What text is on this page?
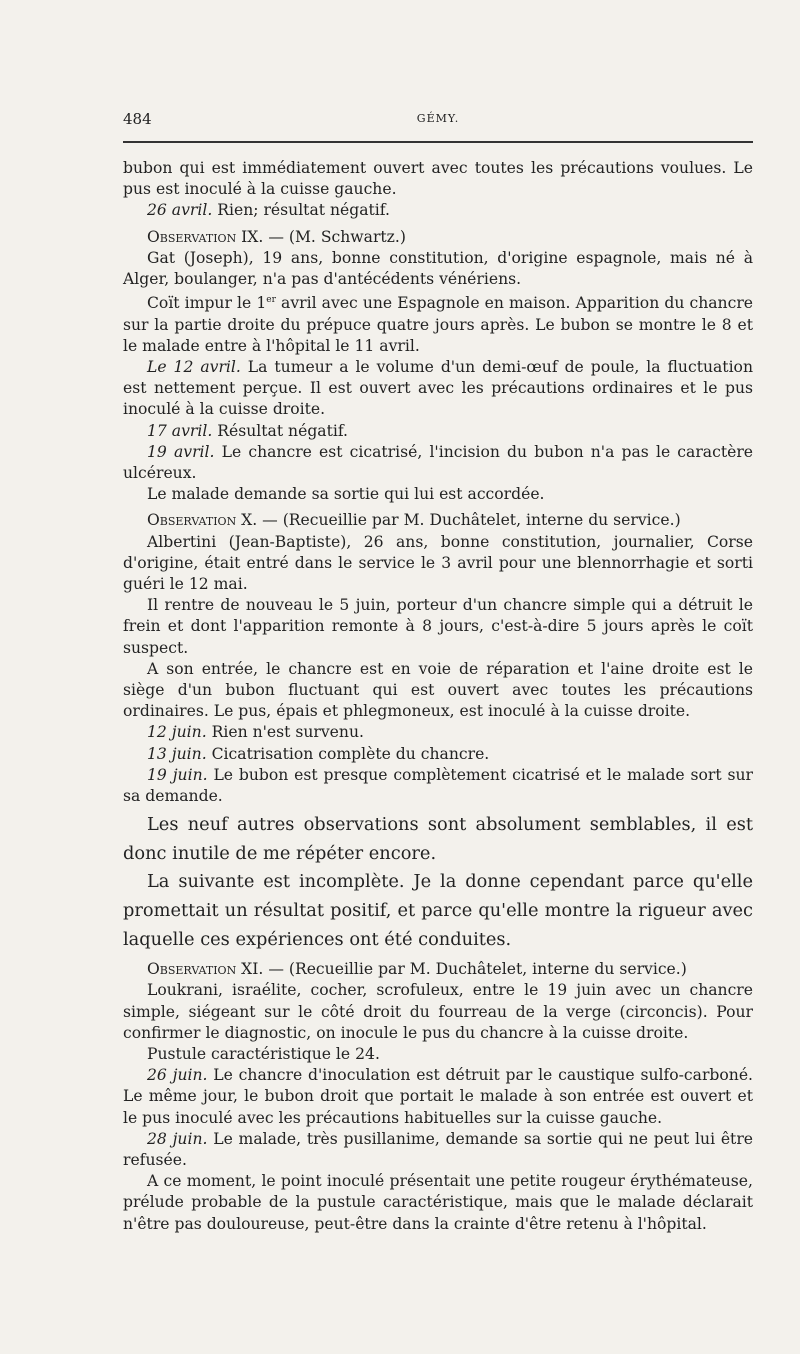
484	GÉMY.

bubon qui est immédiatement ouvert avec toutes les précautions voulues. Le pus est inoculé à la cuisse gauche.

26 avril. Rien; résultat négatif.

Observation IX. — (M. Schwartz.)

Gat (Joseph), 19 ans, bonne constitution, d'origine espagnole, mais né à Alger, boulanger, n'a pas d'antécédents vénériens.

Coït impur le 1er avril avec une Espagnole en maison. Apparition du chancre sur la partie droite du prépuce quatre jours après. Le bubon se montre le 8 et le malade entre à l'hôpital le 11 avril.

Le 12 avril. La tumeur a le volume d'un demi-œuf de poule, la fluctuation est nettement perçue. Il est ouvert avec les précautions ordinaires et le pus inoculé à la cuisse droite.

17 avril. Résultat négatif.

19 avril. Le chancre est cicatrisé, l'incision du bubon n'a pas le caractère ulcéreux.

Le malade demande sa sortie qui lui est accordée.

Observation X. — (Recueillie par M. Duchâtelet, interne du service.)

Albertini (Jean-Baptiste), 26 ans, bonne constitution, journalier, Corse d'origine, était entré dans le service le 3 avril pour une blennorrhagie et sorti guéri le 12 mai.

Il rentre de nouveau le 5 juin, porteur d'un chancre simple qui a détruit le frein et dont l'apparition remonte à 8 jours, c'est-à-dire 5 jours après le coït suspect.

A son entrée, le chancre est en voie de réparation et l'aine droite est le siège d'un bubon fluctuant qui est ouvert avec toutes les précautions ordinaires. Le pus, épais et phlegmoneux, est inoculé à la cuisse droite.

12 juin. Rien n'est survenu.

13 juin. Cicatrisation complète du chancre.

19 juin. Le bubon est presque complètement cicatrisé et le malade sort sur sa demande.

Les neuf autres observations sont absolument semblables, il est donc inutile de me répéter encore.

La suivante est incomplète. Je la donne cependant parce qu'elle promettait un résultat positif, et parce qu'elle montre la rigueur avec laquelle ces expériences ont été conduites.

Observation XI. — (Recueillie par M. Duchâtelet, interne du service.)

Loukrani, israélite, cocher, scrofuleux, entre le 19 juin avec un chancre simple, siégeant sur le côté droit du fourreau de la verge (circoncis). Pour confirmer le diagnostic, on inocule le pus du chancre à la cuisse droite.

Pustule caractéristique le 24.

26 juin. Le chancre d'inoculation est détruit par le caustique sulfo-carboné. Le même jour, le bubon droit que portait le malade à son entrée est ouvert et le pus inoculé avec les précautions habituelles sur la cuisse gauche.

28 juin. Le malade, très pusillanime, demande sa sortie qui ne peut lui être refusée.

A ce moment, le point inoculé présentait une petite rougeur érythémateuse, prélude probable de la pustule caractéristique, mais que le malade déclarait n'être pas douloureuse, peut-être dans la crainte d'être retenu à l'hôpital.
